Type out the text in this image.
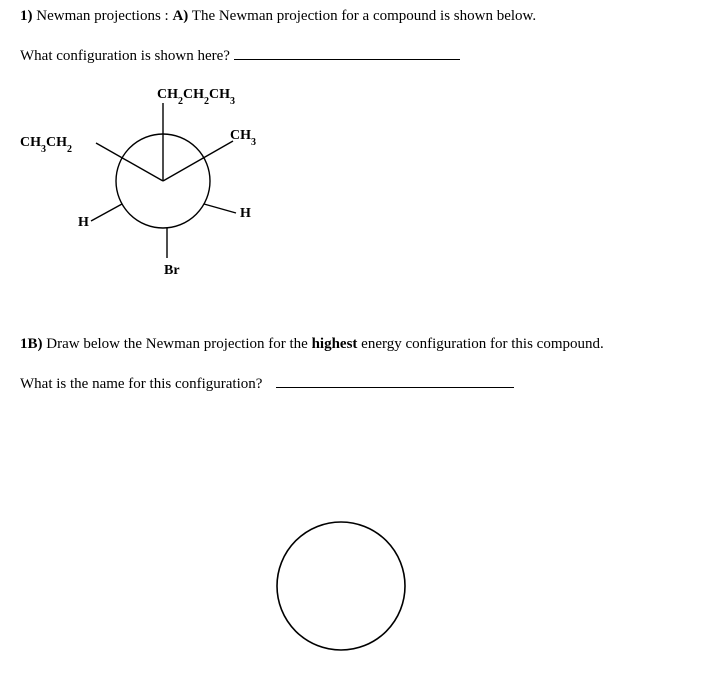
1) Newman projections : A) The Newman projection for a compound is shown below.
What configuration is shown here?
$CH_2CH_2CH_3$
$CH_3CH_2$
$CH_3$
H
H
Br
1B) Draw below the Newman projection for the highest energy configuration for this compound.
What is the name for this configuration?
